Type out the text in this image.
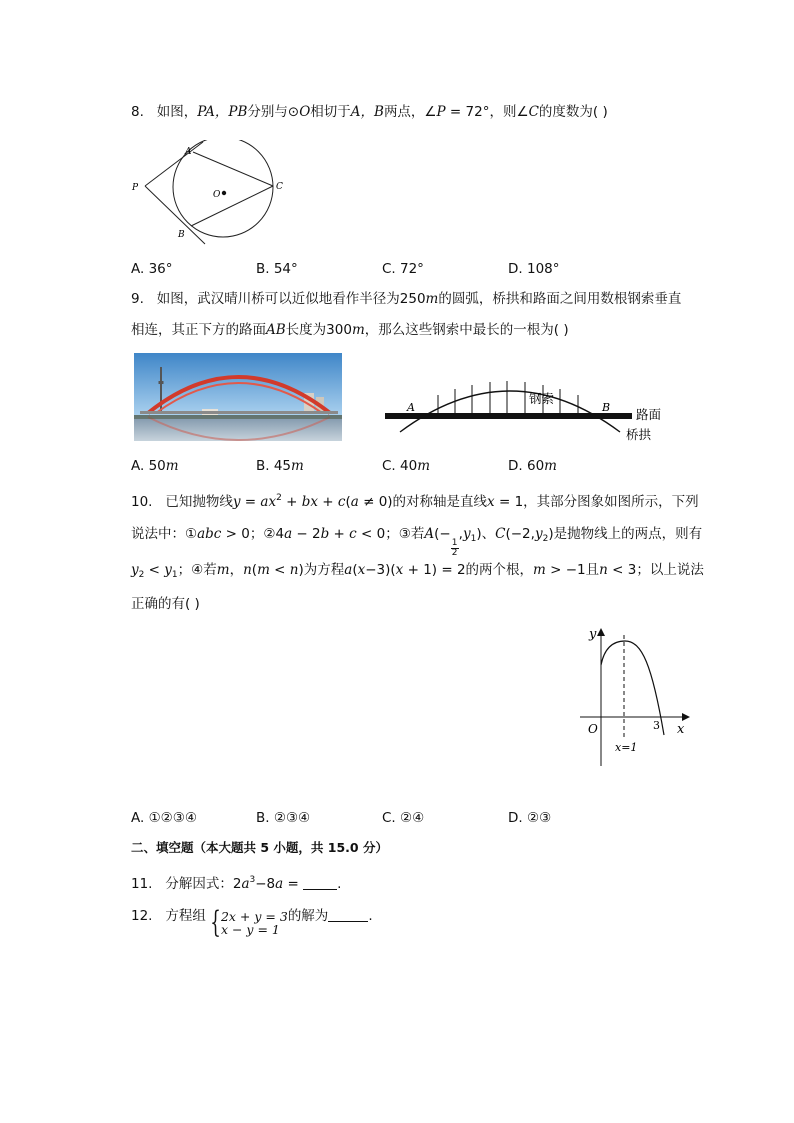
8. 如图，PA，PB分别与⊙O相切于A，B两点，∠P = 72°，则∠C的度数为( )
A
P
O
C
B
A. 36°	B. 54°	C. 72°	D. 108°
9. 如图，武汉晴川桥可以近似地看作半径为250m的圆弧，桥拱和路面之间用数根钢索垂直
相连，其正下方的路面AB长度为300m，那么这些钢索中最长的一根为( )
A	B
钢索
路面
桥拱
A. 50m	B. 45m	C. 40m	D. 60m
10. 已知抛物线$y = ax^2$ + bx + c(a ≠ 0)的对称轴是直线x = 1，其部分图象如图所示，下列
说法中：①abc > 0；②4a − 2b + c < 0；③若A(−
$\frac{1}{2}$
$,y_1$)、$C(-2,y_2)$是抛物线上的两点，则有
$y_2 < y_1$；④若m，n(m < n)为方程a(x−3)(x + 1) = 2的两个根，m > −1且n < 3；以上说法
正确的有( )
y
x
O	3
x=1
A. ①②③④	B. ②③④	C. ②④	D. ②③
二、填空题（本大题共 5 小题，共 15.0 分）
11. 分解因式：$2a^3-8a$ =	.
12. 方程组 { 2x + y = 3
x − y = 1
的解为	.
